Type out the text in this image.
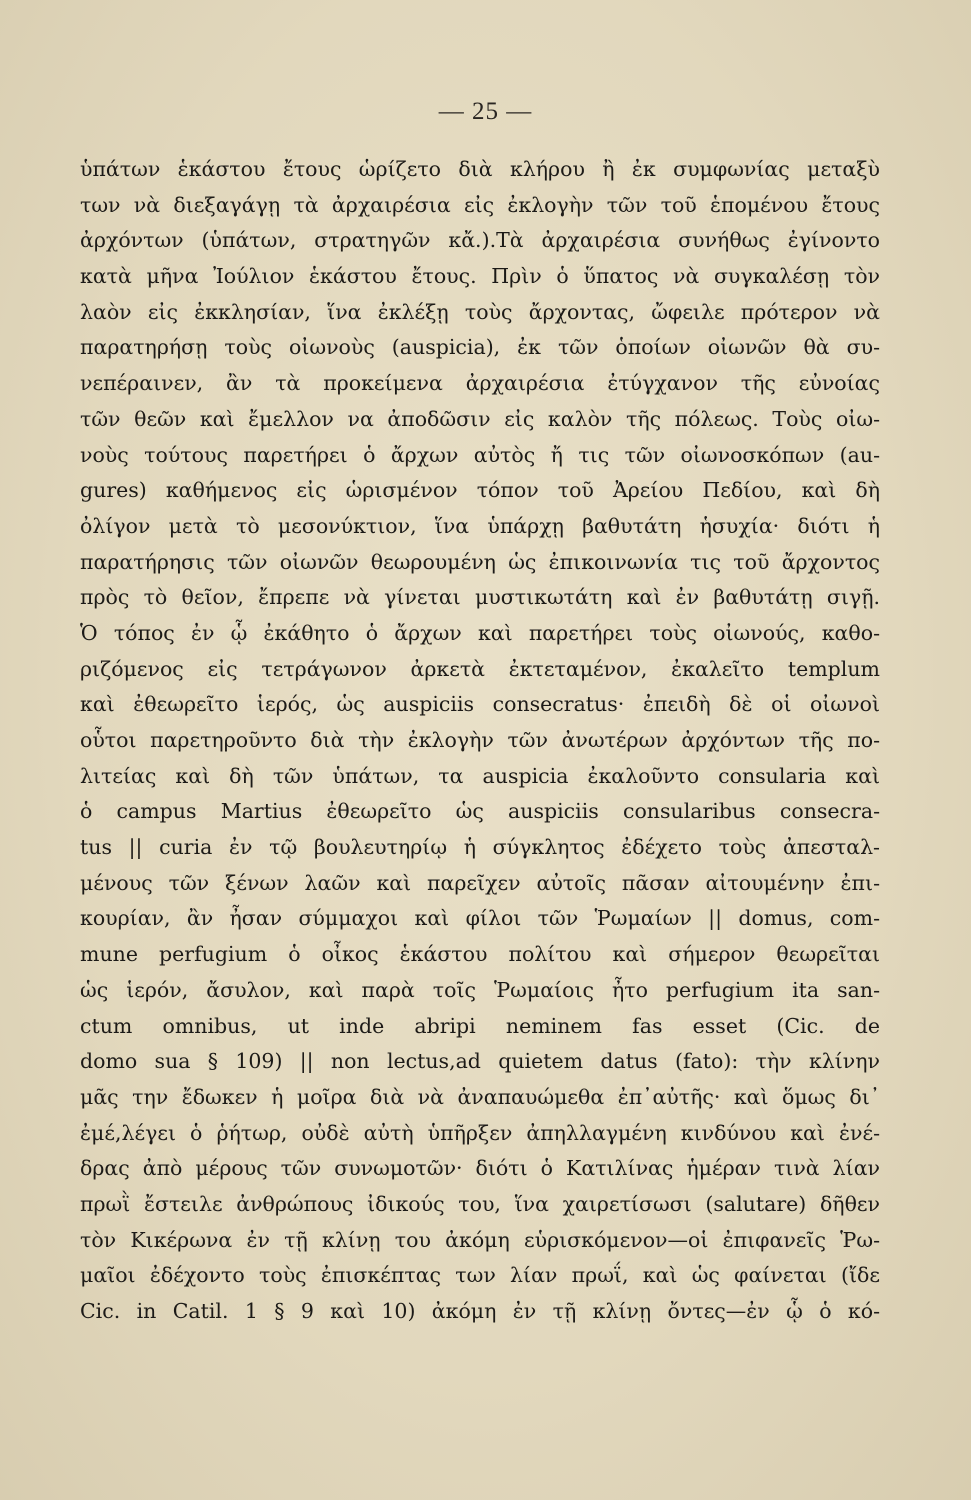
— 25 —
ὑπάτων ἑκάστου ἔτους ὡρίζετο διὰ κλήρου ἢ ἐκ συμφωνίας μεταξὺ
των νὰ διεξαγάγῃ τὰ ἀρχαιρέσια εἰς ἐκλογὴν τῶν τοῦ ἑπομένου ἔτους
ἀρχόντων (ὑπάτων, στρατηγῶν κἄ.).Τὰ ἀρχαιρέσια συνήθως ἐγίνοντο
κατὰ μῆνα Ἰούλιον ἑκάστου ἔτους. Πρὶν ὁ ὕπατος νὰ συγκαλέσῃ τὸν
λαὸν εἰς ἐκκλησίαν, ἵνα ἐκλέξῃ τοὺς ἄρχοντας, ὤφειλε πρότερον νὰ
παρατηρήσῃ τοὺς οἰωνοὺς (auspicia), ἐκ τῶν ὁποίων οἰωνῶν θὰ συ-
νεπέραινεν, ἂν τὰ προκείμενα ἀρχαιρέσια ἐτύγχανον τῆς εὐνοίας
τῶν θεῶν καὶ ἔμελλον να ἀποδῶσιν εἰς καλὸν τῆς πόλεως. Τοὺς οἰω-
νοὺς τούτους παρετήρει ὁ ἄρχων αὐτὸς ἤ τις τῶν οἰωνοσκόπων (au-
gures) καθήμενος εἰς ὡρισμένον τόπον τοῦ Ἀρείου Πεδίου, καὶ δὴ
ὀλίγον μετὰ τὸ μεσονύκτιον, ἵνα ὑπάρχῃ βαθυτάτη ἡσυχία· διότι ἡ
παρατήρησις τῶν οἰωνῶν θεωρουμένη ὡς ἐπικοινωνία τις τοῦ ἄρχοντος
πρὸς τὸ θεῖον, ἔπρεπε νὰ γίνεται μυστικωτάτη καὶ ἐν βαθυτάτῃ σιγῇ.
Ὁ τόπος ἐν ᾧ ἐκάθητο ὁ ἄρχων καὶ παρετήρει τοὺς οἰωνούς, καθο-
ριζόμενος εἰς τετράγωνον ἀρκετὰ ἐκτεταμένον, ἐκαλεῖτο templum
καὶ ἐθεωρεῖτο ἱερός, ὡς auspiciis consecratus· ἐπειδὴ δὲ οἱ οἰωνοὶ
οὗτοι παρετηροῦντο διὰ τὴν ἐκλογὴν τῶν ἀνωτέρων ἀρχόντων τῆς πο-
λιτείας καὶ δὴ τῶν ὑπάτων, τα auspicia ἐκαλοῦντο consularia καὶ
ὁ campus Martius ἐθεωρεῖτο ὡς auspiciis consularibus consecra-
tus || curia ἐν τῷ βουλευτηρίῳ ἡ σύγκλητος ἐδέχετο τοὺς ἀπεσταλ-
μένους τῶν ξένων λαῶν καὶ παρεῖχεν αὐτοῖς πᾶσαν αἰτουμένην ἐπι-
κουρίαν, ἂν ἦσαν σύμμαχοι καὶ φίλοι τῶν Ῥωμαίων || domus, com-
mune perfugium ὁ οἶκος ἑκάστου πολίτου καὶ σήμερον θεωρεῖται
ὡς ἱερόν, ἄσυλον, καὶ παρὰ τοῖς Ῥωμαίοις ἦτο perfugium ita san-
ctum omnibus, ut inde abripi neminem fas esset (Cic. de
domo sua § 109) || non lectus,ad quietem datus (fato): τὴν κλίνην
μᾶς την ἔδωκεν ἡ μοῖρα διὰ νὰ ἀναπαυώμεθα ἐπ᾽αὐτῆς· καὶ ὅμως δι᾽
ἐμέ,λέγει ὁ ῥήτωρ, οὐδὲ αὐτὴ ὑπῆρξεν ἀπηλλαγμένη κινδύνου καὶ ἐνέ-
δρας ἀπὸ μέρους τῶν συνωμοτῶν· διότι ὁ Κατιλίνας ἡμέραν τινὰ λίαν
πρωῒ ἔστειλε ἀνθρώπους ἰδικούς του, ἵνα χαιρετίσωσι (salutare) δῆθεν
τὸν Κικέρωνα ἐν τῇ κλίνῃ του ἀκόμη εὑρισκόμενον—οἱ ἐπιφανεῖς Ῥω-
μαῖοι ἐδέχοντο τοὺς ἐπισκέπτας των λίαν πρωΐ, καὶ ὡς φαίνεται (ἴδε
Cic. in Catil. 1 § 9 καὶ 10) ἀκόμη ἐν τῇ κλίνῃ ὄντες—ἐν ᾧ ὁ κό-
